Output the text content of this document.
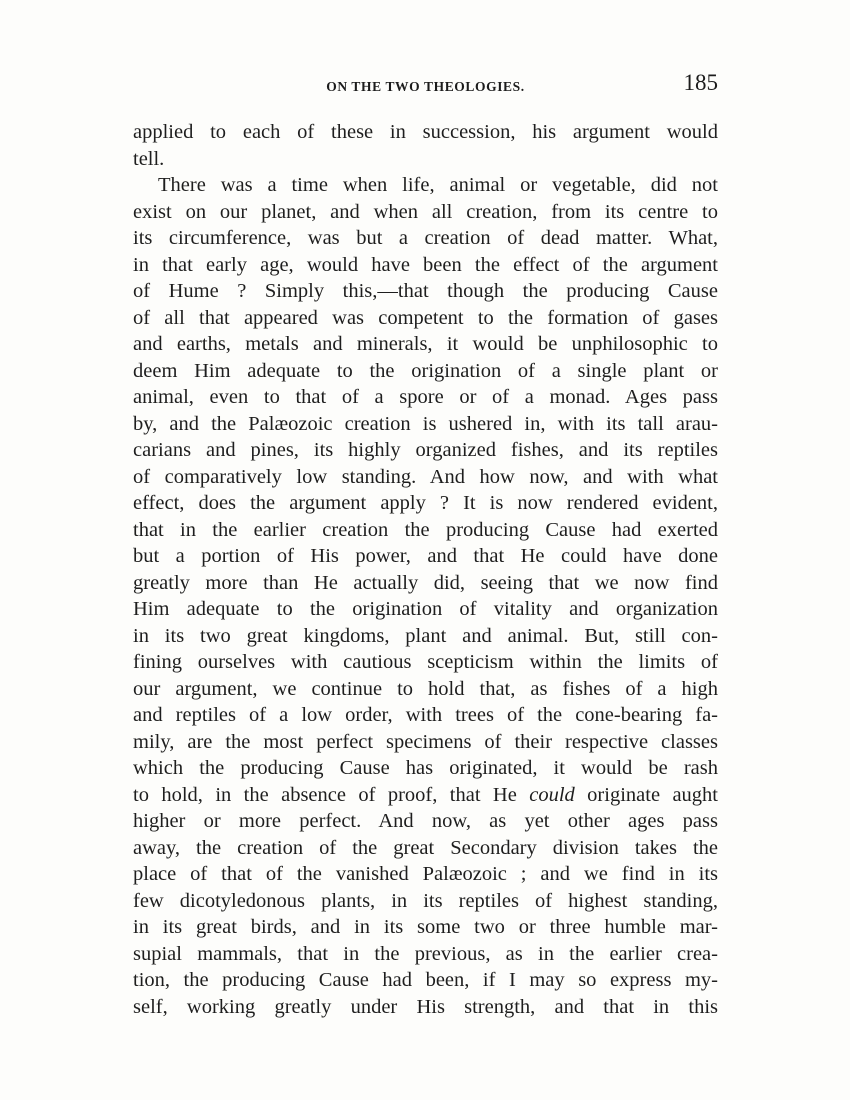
ON THE TWO THEOLOGIES.	185
applied to each of these in succession, his argument would
tell.
There was a time when life, animal or vegetable, did not
exist on our planet, and when all creation, from its centre to
its circumference, was but a creation of dead matter. What,
in that early age, would have been the effect of the argument
of Hume ? Simply this,—that though the producing Cause
of all that appeared was competent to the formation of gases
and earths, metals and minerals, it would be unphilosophic to
deem Him adequate to the origination of a single plant or
animal, even to that of a spore or of a monad. Ages pass
by, and the Palæozoic creation is ushered in, with its tall arau-
carians and pines, its highly organized fishes, and its reptiles
of comparatively low standing. And how now, and with what
effect, does the argument apply ? It is now rendered evident,
that in the earlier creation the producing Cause had exerted
but a portion of His power, and that He could have done
greatly more than He actually did, seeing that we now find
Him adequate to the origination of vitality and organization
in its two great kingdoms, plant and animal. But, still con-
fining ourselves with cautious scepticism within the limits of
our argument, we continue to hold that, as fishes of a high
and reptiles of a low order, with trees of the cone-bearing fa-
mily, are the most perfect specimens of their respective classes
which the producing Cause has originated, it would be rash
to hold, in the absence of proof, that He could originate aught
higher or more perfect. And now, as yet other ages pass
away, the creation of the great Secondary division takes the
place of that of the vanished Palæozoic ; and we find in its
few dicotyledonous plants, in its reptiles of highest standing,
in its great birds, and in its some two or three humble mar-
supial mammals, that in the previous, as in the earlier crea-
tion, the producing Cause had been, if I may so express my-
self, working greatly under His strength, and that in this
